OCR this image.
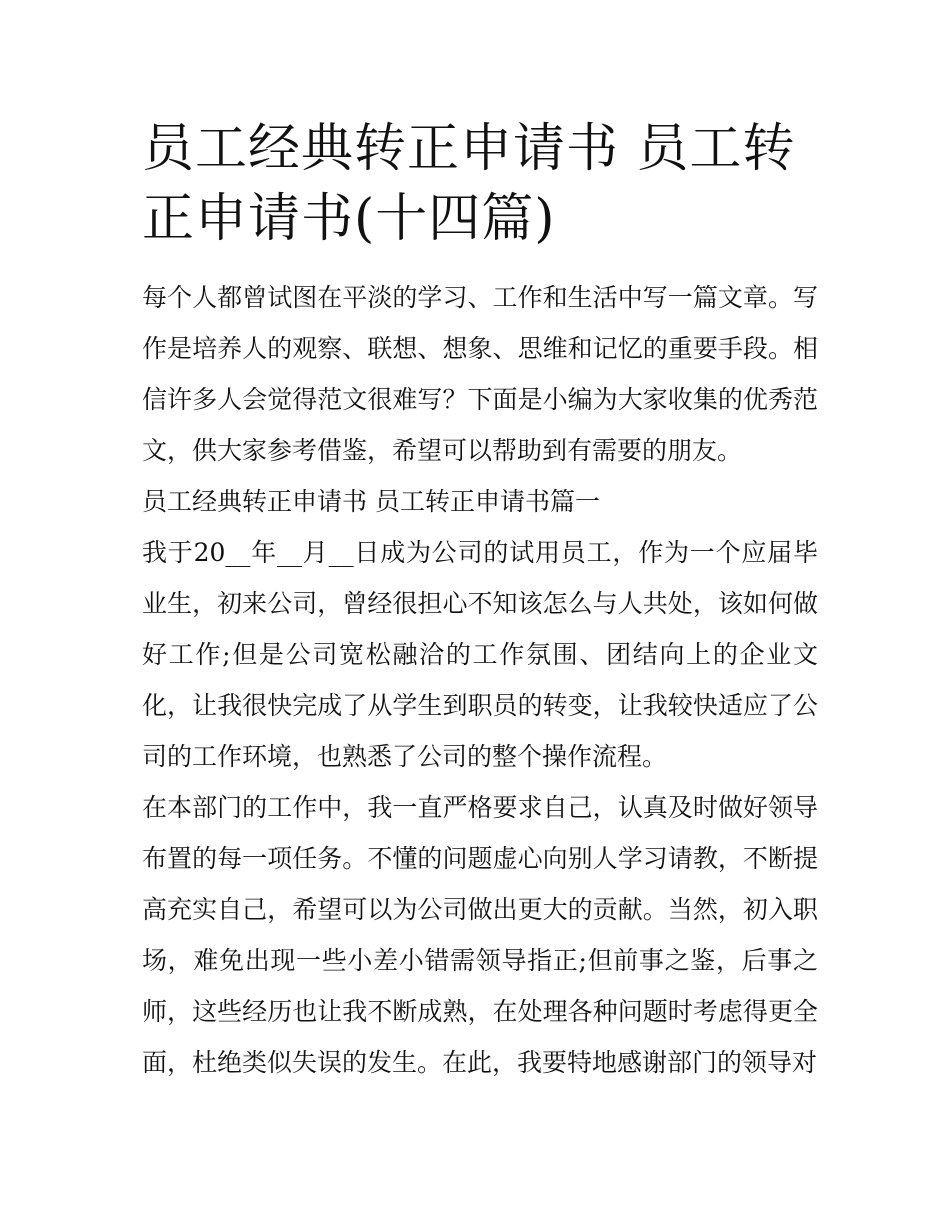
员工经典转正申请书 员工转正申请书(十四篇)

每个人都曾试图在平淡的学习、工作和生活中写一篇文章。写作是培养人的观察、联想、想象、思维和记忆的重要手段。相信许多人会觉得范文很难写？下面是小编为大家收集的优秀范文，供大家参考借鉴，希望可以帮助到有需要的朋友。

员工经典转正申请书 员工转正申请书篇一

我于20__年__月__日成为公司的试用员工，作为一个应届毕业生，初来公司，曾经很担心不知该怎么与人共处，该如何做好工作;但是公司宽松融洽的工作氛围、团结向上的企业文化，让我很快完成了从学生到职员的转变，让我较快适应了公司的工作环境，也熟悉了公司的整个操作流程。

在本部门的工作中，我一直严格要求自己，认真及时做好领导布置的每一项任务。不懂的问题虚心向别人学习请教，不断提高充实自己，希望可以为公司做出更大的贡献。当然，初入职场，难免出现一些小差小错需领导指正;但前事之鉴，后事之师，这些经历也让我不断成熟，在处理各种问题时考虑得更全面，杜绝类似失误的发生。在此，我要特地感谢部门的领导对
